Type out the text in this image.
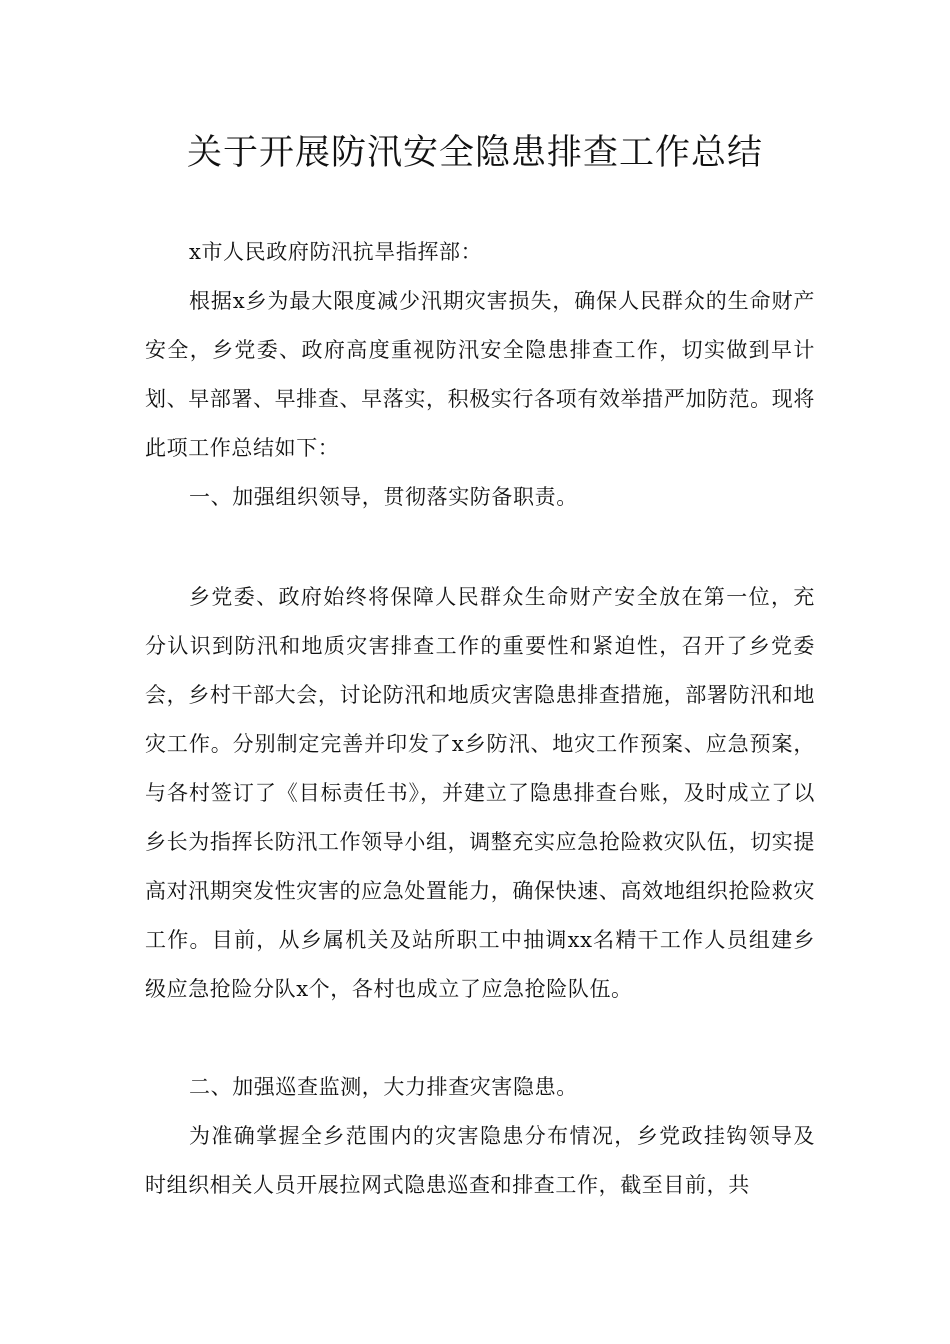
关于开展防汛安全隐患排查工作总结

x市人民政府防汛抗旱指挥部：

根据x乡为最大限度减少汛期灾害损失，确保人民群众的生命财产安全，乡党委、政府高度重视防汛安全隐患排查工作，切实做到早计划、早部署、早排查、早落实，积极实行各项有效举措严加防范。现将此项工作总结如下：

一、加强组织领导，贯彻落实防备职责。

乡党委、政府始终将保障人民群众生命财产安全放在第一位，充分认识到防汛和地质灾害排查工作的重要性和紧迫性，召开了乡党委会，乡村干部大会，讨论防汛和地质灾害隐患排查措施，部署防汛和地灾工作。分别制定完善并印发了x乡防汛、地灾工作预案、应急预案，与各村签订了《目标责任书》，并建立了隐患排查台账，及时成立了以乡长为指挥长防汛工作领导小组，调整充实应急抢险救灾队伍，切实提高对汛期突发性灾害的应急处置能力，确保快速、高效地组织抢险救灾工作。目前，从乡属机关及站所职工中抽调xx名精干工作人员组建乡级应急抢险分队x个，各村也成立了应急抢险队伍。

二、加强巡查监测，大力排查灾害隐患。

为准确掌握全乡范围内的灾害隐患分布情况，乡党政挂钩领导及时组织相关人员开展拉网式隐患巡查和排查工作，截至目前，共
